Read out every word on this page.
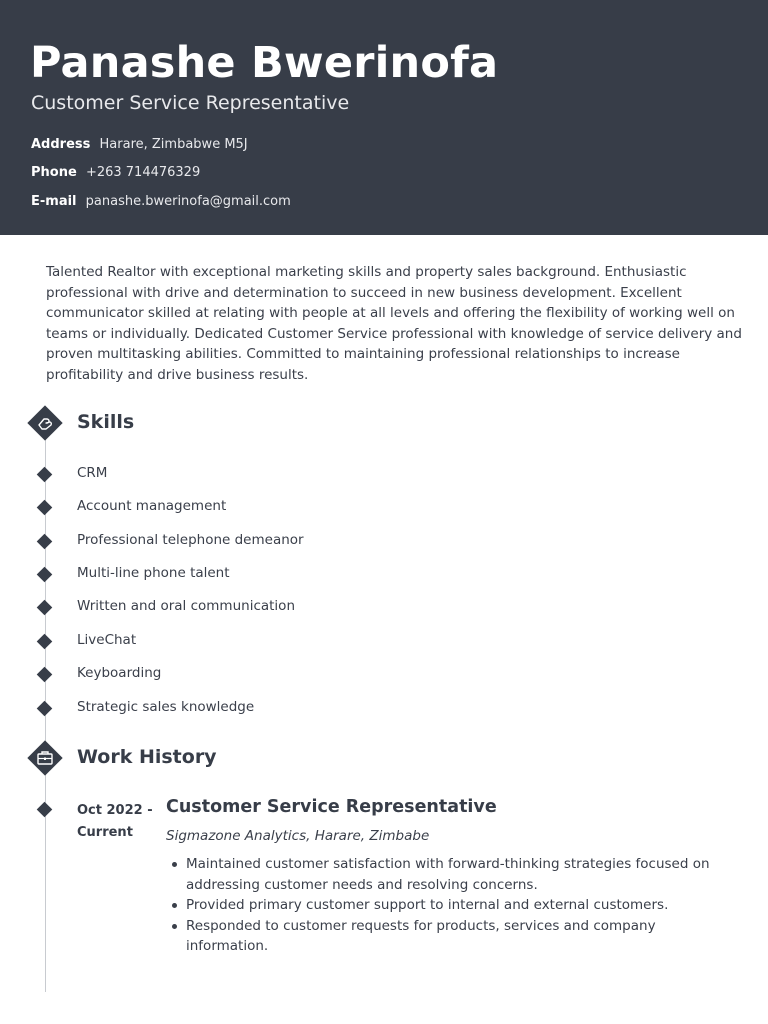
Panashe Bwerinofa
Customer Service Representative
Address Harare, Zimbabwe M5J
Phone +263 714476329
E-mail panashe.bwerinofa@gmail.com

Talented Realtor with exceptional marketing skills and property sales background. Enthusiastic professional with drive and determination to succeed in new business development. Excellent communicator skilled at relating with people at all levels and offering the flexibility of working well on teams or individually. Dedicated Customer Service professional with knowledge of service delivery and proven multitasking abilities. Committed to maintaining professional relationships to increase profitability and drive business results.

Skills
CRM
Account management
Professional telephone demeanor
Multi-line phone talent
Written and oral communication
LiveChat
Keyboarding
Strategic sales knowledge
Work History
Oct 2022 -
Current
Customer Service Representative
Sigmazone Analytics, Harare, Zimbabe
Maintained customer satisfaction with forward-thinking strategies focused on addressing customer needs and resolving concerns.
Provided primary customer support to internal and external customers.
Responded to customer requests for products, services and company information.
